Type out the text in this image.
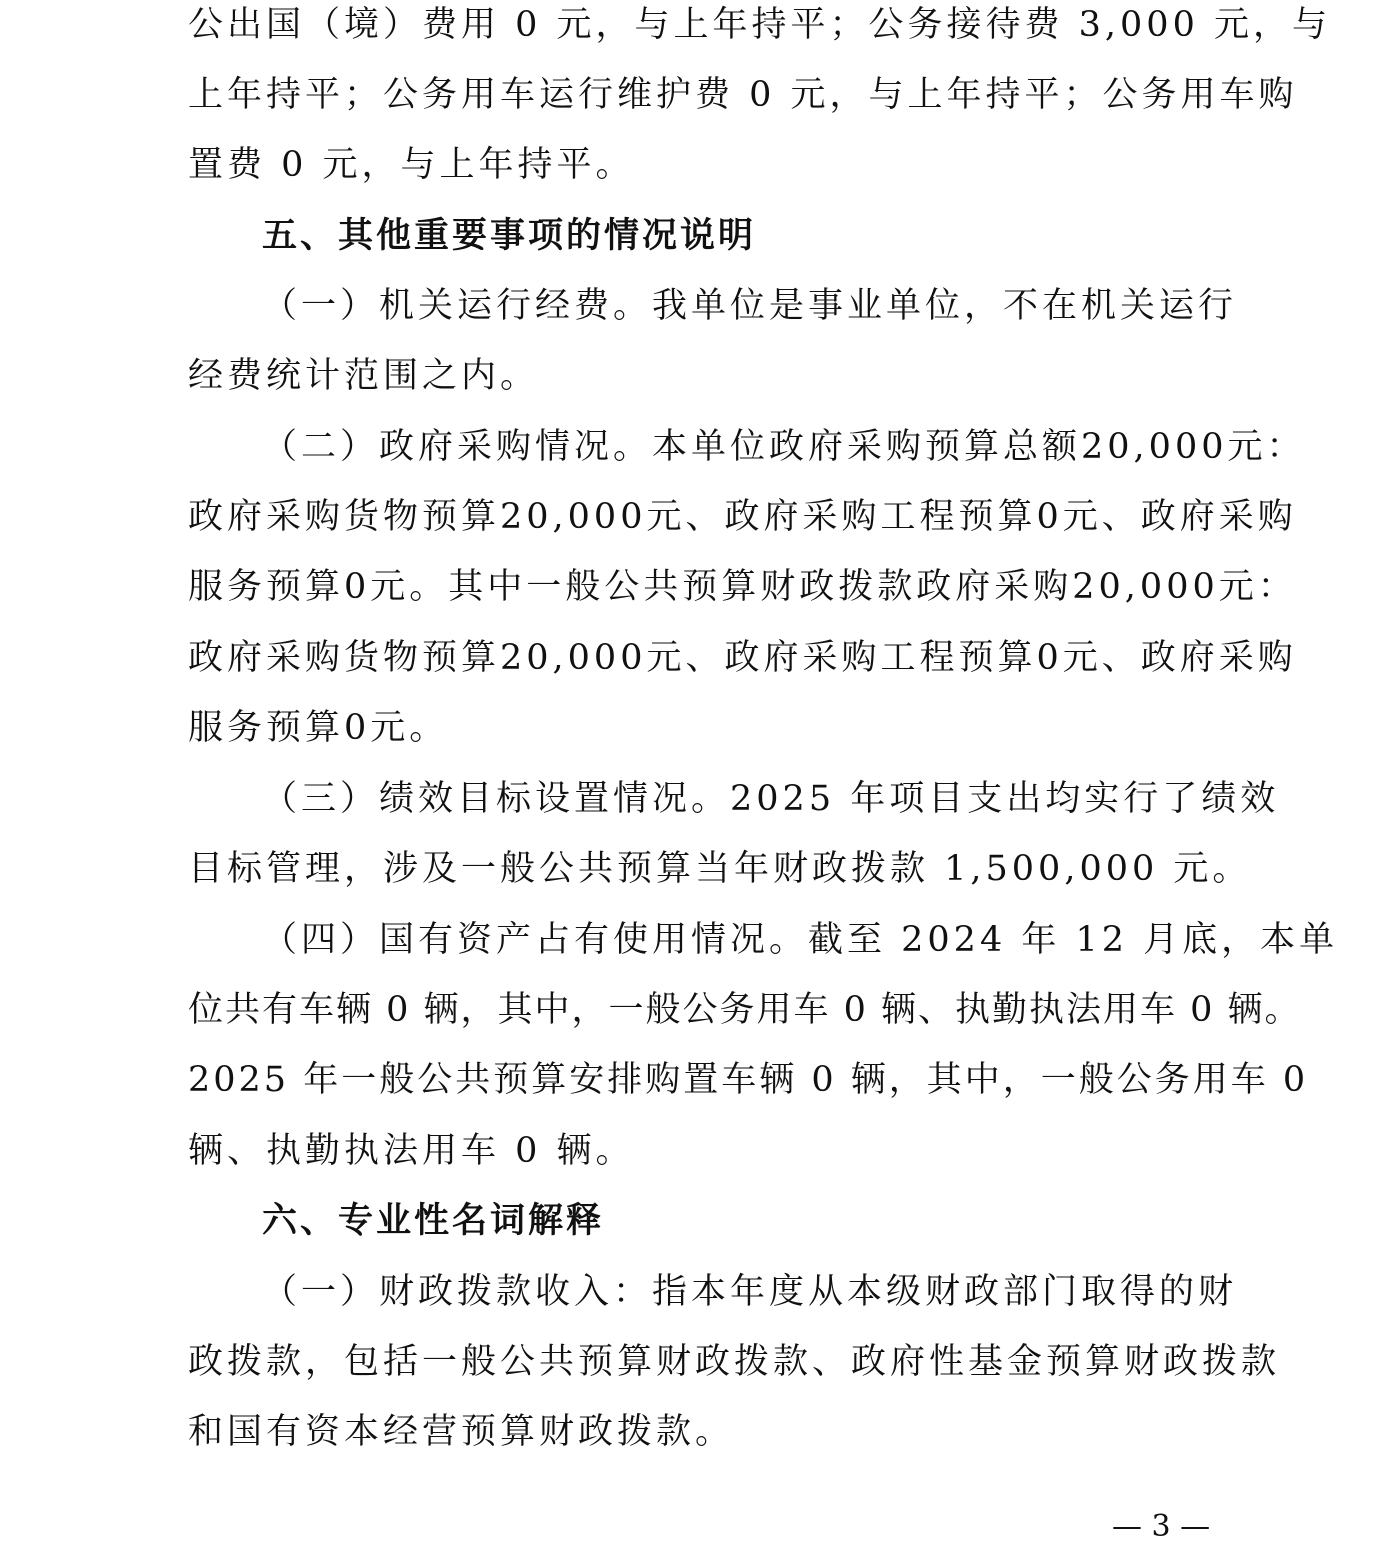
公出国（境）费用 0 元，与上年持平；公务接待费 3,000 元，与
上年持平；公务用车运行维护费 0 元，与上年持平；公务用车购
置费 0 元，与上年持平。
五、其他重要事项的情况说明
（一）机关运行经费。我单位是事业单位，不在机关运行
经费统计范围之内。
（二）政府采购情况。本单位政府采购预算总额20,000元：
政府采购货物预算20,000元、政府采购工程预算0元、政府采购
服务预算0元。其中一般公共预算财政拨款政府采购20,000元：
政府采购货物预算20,000元、政府采购工程预算0元、政府采购
服务预算0元。
（三）绩效目标设置情况。2025 年项目支出均实行了绩效
目标管理，涉及一般公共预算当年财政拨款 1,500,000 元。
（四）国有资产占有使用情况。截至 2024 年 12 月底，本单
位共有车辆 0 辆，其中，一般公务用车 0 辆、执勤执法用车 0 辆。
2025 年一般公共预算安排购置车辆 0 辆，其中，一般公务用车 0
辆、执勤执法用车 0 辆。
六、专业性名词解释
（一）财政拨款收入：指本年度从本级财政部门取得的财
政拨款，包括一般公共预算财政拨款、政府性基金预算财政拨款
和国有资本经营预算财政拨款。
— 3 —
